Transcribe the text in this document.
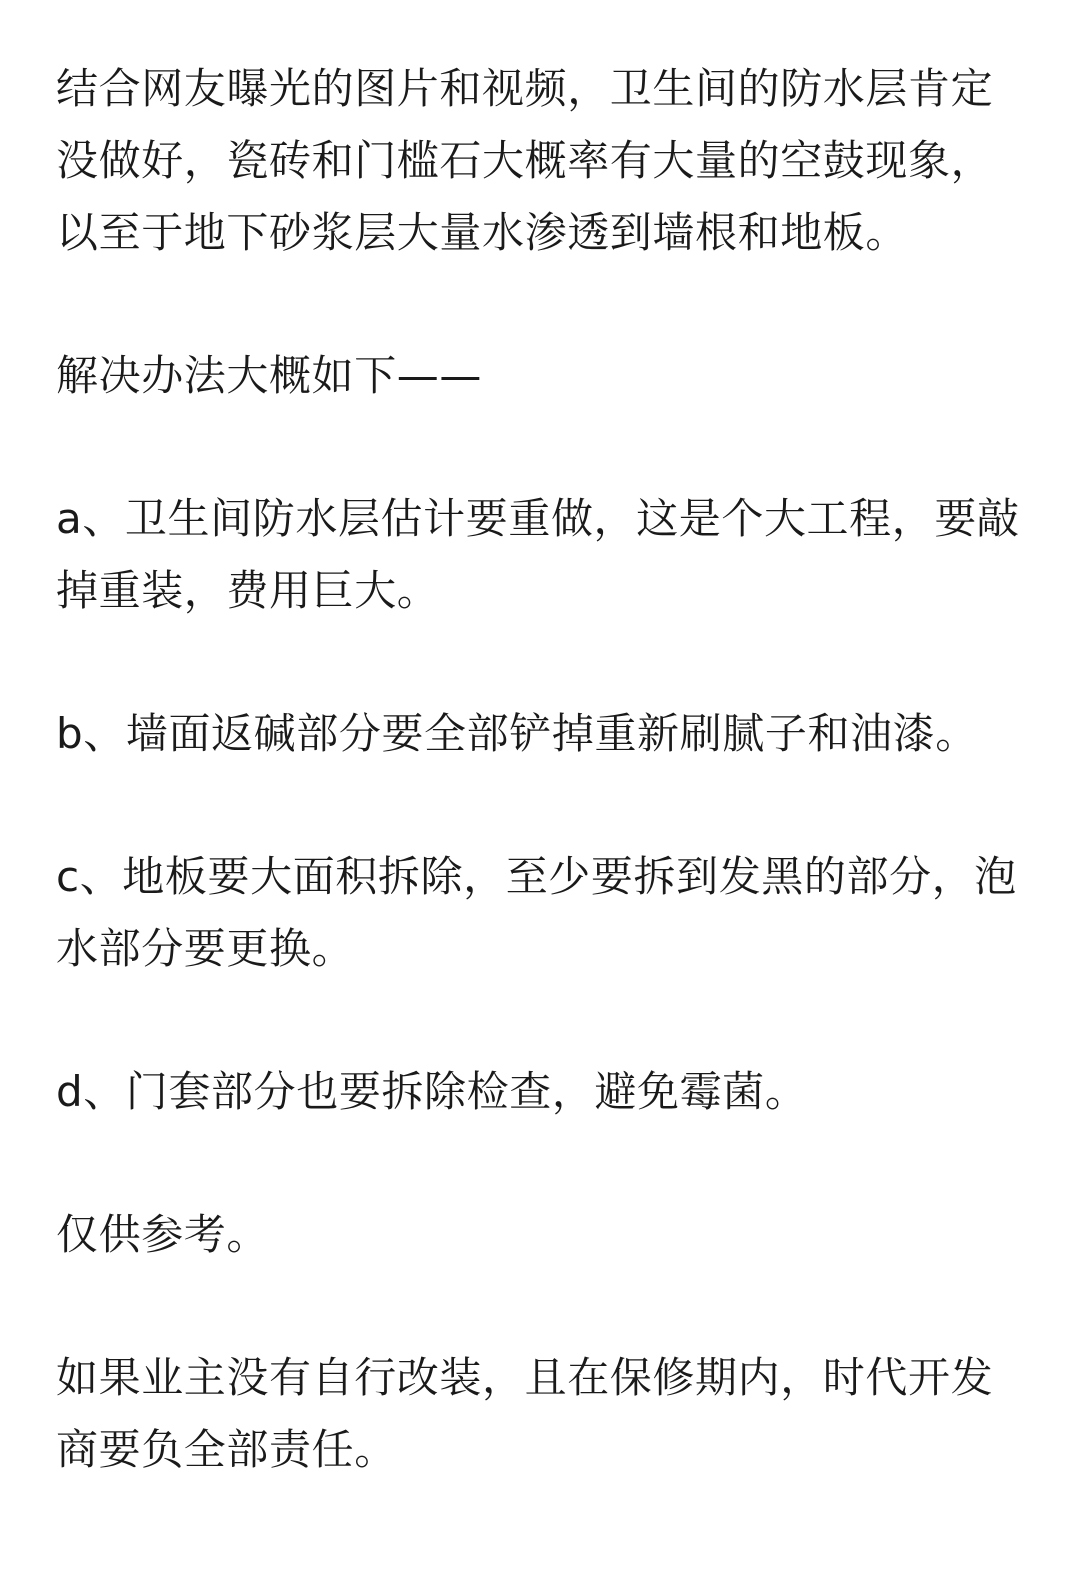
结合网友曝光的图片和视频，卫生间的防水层肯定没做好，瓷砖和门槛石大概率有大量的空鼓现象，以至于地下砂浆层大量水渗透到墙根和地板。

解决办法大概如下——

a、卫生间防水层估计要重做，这是个大工程，要敲掉重装，费用巨大。

b、墙面返碱部分要全部铲掉重新刷腻子和油漆。

c、地板要大面积拆除，至少要拆到发黑的部分，泡水部分要更换。

d、门套部分也要拆除检查，避免霉菌。

仅供参考。

如果业主没有自行改装，且在保修期内，时代开发商要负全部责任。
